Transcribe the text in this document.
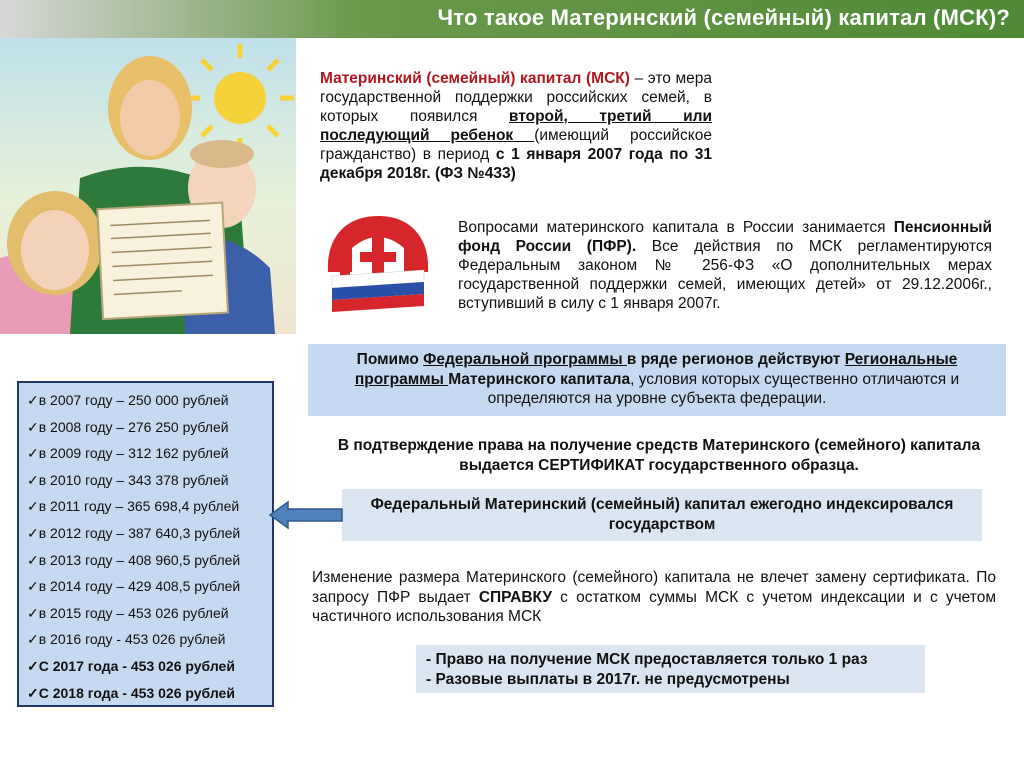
Что такое Материнский (семейный) капитал (МСК)?

Материнский (семейный) капитал (МСК) – это мера государственной поддержки российских семей, в которых появился второй, третий или последующий ребенок (имеющий российское гражданство) в период с 1 января 2007 года по 31 декабря 2018г. (ФЗ №433)

Вопросами материнского капитала в России занимается Пенсионный фонд России (ПФР). Все действия по МСК регламентируются Федеральным законом № 256-ФЗ «О дополнительных мерах государственной поддержки семей, имеющих детей» от 29.12.2006г., вступивший в силу с 1 января 2007г.

Помимо Федеральной программы в ряде регионов действуют Региональные программы Материнского капитала, условия которых существенно отличаются и определяются на уровне субъекта федерации.

В подтверждение права на получение средств Материнского (семейного) капитала выдается СЕРТИФИКАТ государственного образца.

Федеральный Материнский (семейный) капитал ежегодно индексировался государством

Изменение размера Материнского (семейного) капитала не влечет замену сертификата. По запросу ПФР выдает СПРАВКУ с остатком суммы МСК с учетом индексации и с учетом частичного использования МСК

- Право на получение МСК предоставляется только 1 раз
- Разовые выплаты в 2017г. не предусмотрены
✓в 2007 году – 250 000 рублей
✓в 2008 году – 276 250 рублей
✓в 2009 году – 312 162 рублей
✓в 2010 году – 343 378 рублей
✓в 2011 году – 365 698,4 рублей
✓в 2012 году – 387 640,3 рублей
✓в 2013 году – 408 960,5 рублей
✓в 2014 году – 429 408,5 рублей
✓в 2015 году – 453 026 рублей
✓в 2016 году - 453 026 рублей
✓С 2017 года - 453 026 рублей
✓С 2018 года - 453 026 рублей
